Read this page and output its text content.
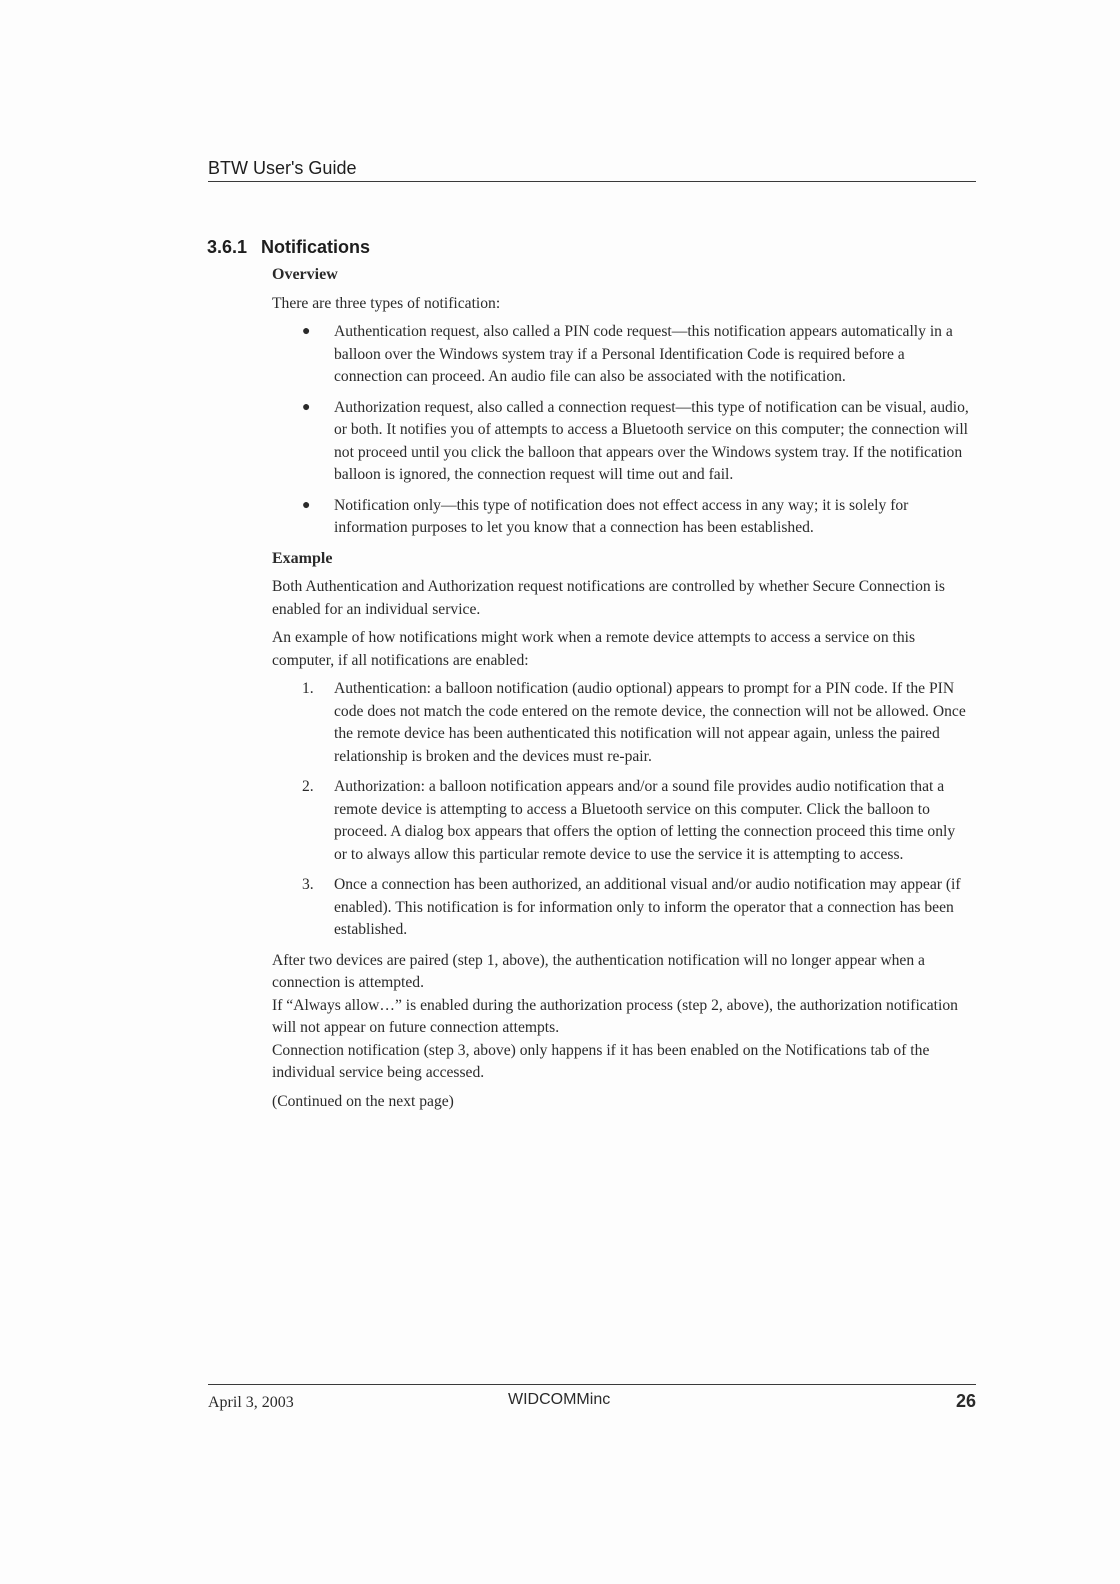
BTW User's Guide
3.6.1 Notifications
Overview

There are three types of notification:

● Authentication request, also called a PIN code request—this notification appears automatically in a balloon over the Windows system tray if a Personal Identification Code is required before a connection can proceed. An audio file can also be associated with the notification.
● Authorization request, also called a connection request—this type of notification can be visual, audio, or both. It notifies you of attempts to access a Bluetooth service on this computer; the connection will not proceed until you click the balloon that appears over the Windows system tray. If the notification balloon is ignored, the connection request will time out and fail.
● Notification only—this type of notification does not effect access in any way; it is solely for information purposes to let you know that a connection has been established.
Example

Both Authentication and Authorization request notifications are controlled by whether Secure Connection is enabled for an individual service.

An example of how notifications might work when a remote device attempts to access a service on this computer, if all notifications are enabled:

1. Authentication: a balloon notification (audio optional) appears to prompt for a PIN code. If the PIN code does not match the code entered on the remote device, the connection will not be allowed. Once the remote device has been authenticated this notification will not appear again, unless the paired relationship is broken and the devices must re-pair.
2. Authorization: a balloon notification appears and/or a sound file provides audio notification that a remote device is attempting to access a Bluetooth service on this computer. Click the balloon to proceed. A dialog box appears that offers the option of letting the connection proceed this time only or to always allow this particular remote device to use the service it is attempting to access.
3. Once a connection has been authorized, an additional visual and/or audio notification may appear (if enabled). This notification is for information only to inform the operator that a connection has been established.

After two devices are paired (step 1, above), the authentication notification will no longer appear when a connection is attempted.

If “Always allow…” is enabled during the authorization process (step 2, above), the authorization notification will not appear on future connection attempts.

Connection notification (step 3, above) only happens if it has been enabled on the Notifications tab of the individual service being accessed.

(Continued on the next page)

April 3, 2003	WIDCOMMinc	26
